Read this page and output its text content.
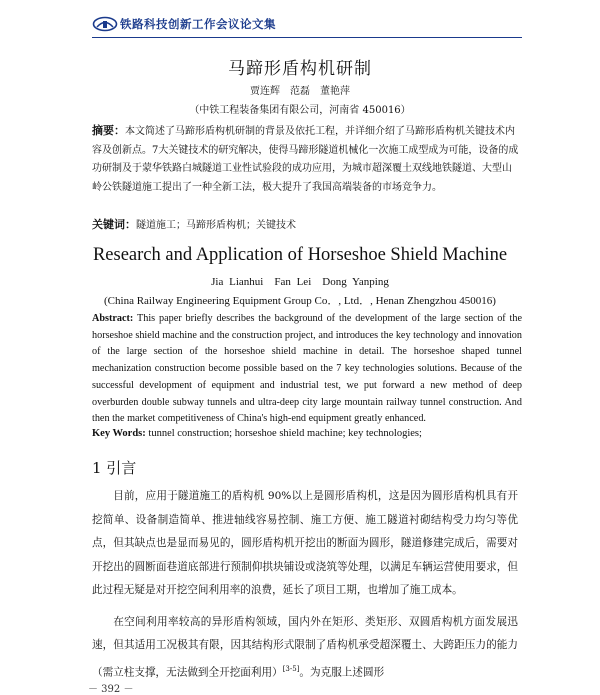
铁路科技创新工作会议论文集
马蹄形盾构机研制
贾连辉　范磊　董艳萍
（中铁工程装备集团有限公司，河南省 450016）
摘要：本文简述了马蹄形盾构机研制的背景及依托工程，并详细介绍了马蹄形盾构机关键技术内容及创新点。7大关键技术的研究解决，使得马蹄形隧道机械化一次施工成型成为可能，设备的成功研制及于蒙华铁路白城隧道工业性试验段的成功应用，为城市超深覆土双线地铁隧道、大型山岭公铁隧道施工提出了一种全新工法，极大提升了我国高端装备的市场竞争力。
关键词：隧道施工；马蹄形盾构机；关键技术
Research and Application of Horseshoe Shield Machine
Jia Lianhui　Fan Lei　Dong Yanping
(China Railway Engineering Equipment Group Co．, Ltd．, Henan Zhengzhou 450016)
Abstract: This paper briefly describes the background of the development of the large section of the horseshoe shield machine and the construction project, and introduces the key technology and innovation of the large section of the horseshoe shield machine in detail. The horseshoe shaped tunnel mechanization construction become possible based on the 7 key technologies solutions. Because of the successful development of equipment and industrial test, we put forward a new method of deep overburden double subway tunnels and ultra-deep city large mountain railway tunnel construction. And then the market competitiveness of China's high-end equipment greatly enhanced.
Key Words: tunnel construction; horseshoe shield machine; key technologies;
1 引言

目前，应用于隧道施工的盾构机 90%以上是圆形盾构机，这是因为圆形盾构机具有开挖简单、设备制造简单、推进轴线容易控制、施工方便、施工隧道衬砌结构受力均匀等优点，但其缺点也是显而易见的，圆形盾构机开挖出的断面为圆形，隧道修建完成后，需要对开挖出的圆断面巷道底部进行预制仰拱块铺设或浇筑等处理，以满足车辆运营使用要求，但此过程无疑是对开挖空间利用率的浪费，延长了项目工期，也增加了施工成本。

在空间利用率较高的异形盾构领域，国内外在矩形、类矩形、双圆盾构机方面发展迅速，但其适用工况极其有限，因其结构形式限制了盾构机承受超深覆土、大跨距压力的能力（需立柱支撑，无法做到全开挖面利用）[3-5]。为克服上述圆形

－ 392 －
